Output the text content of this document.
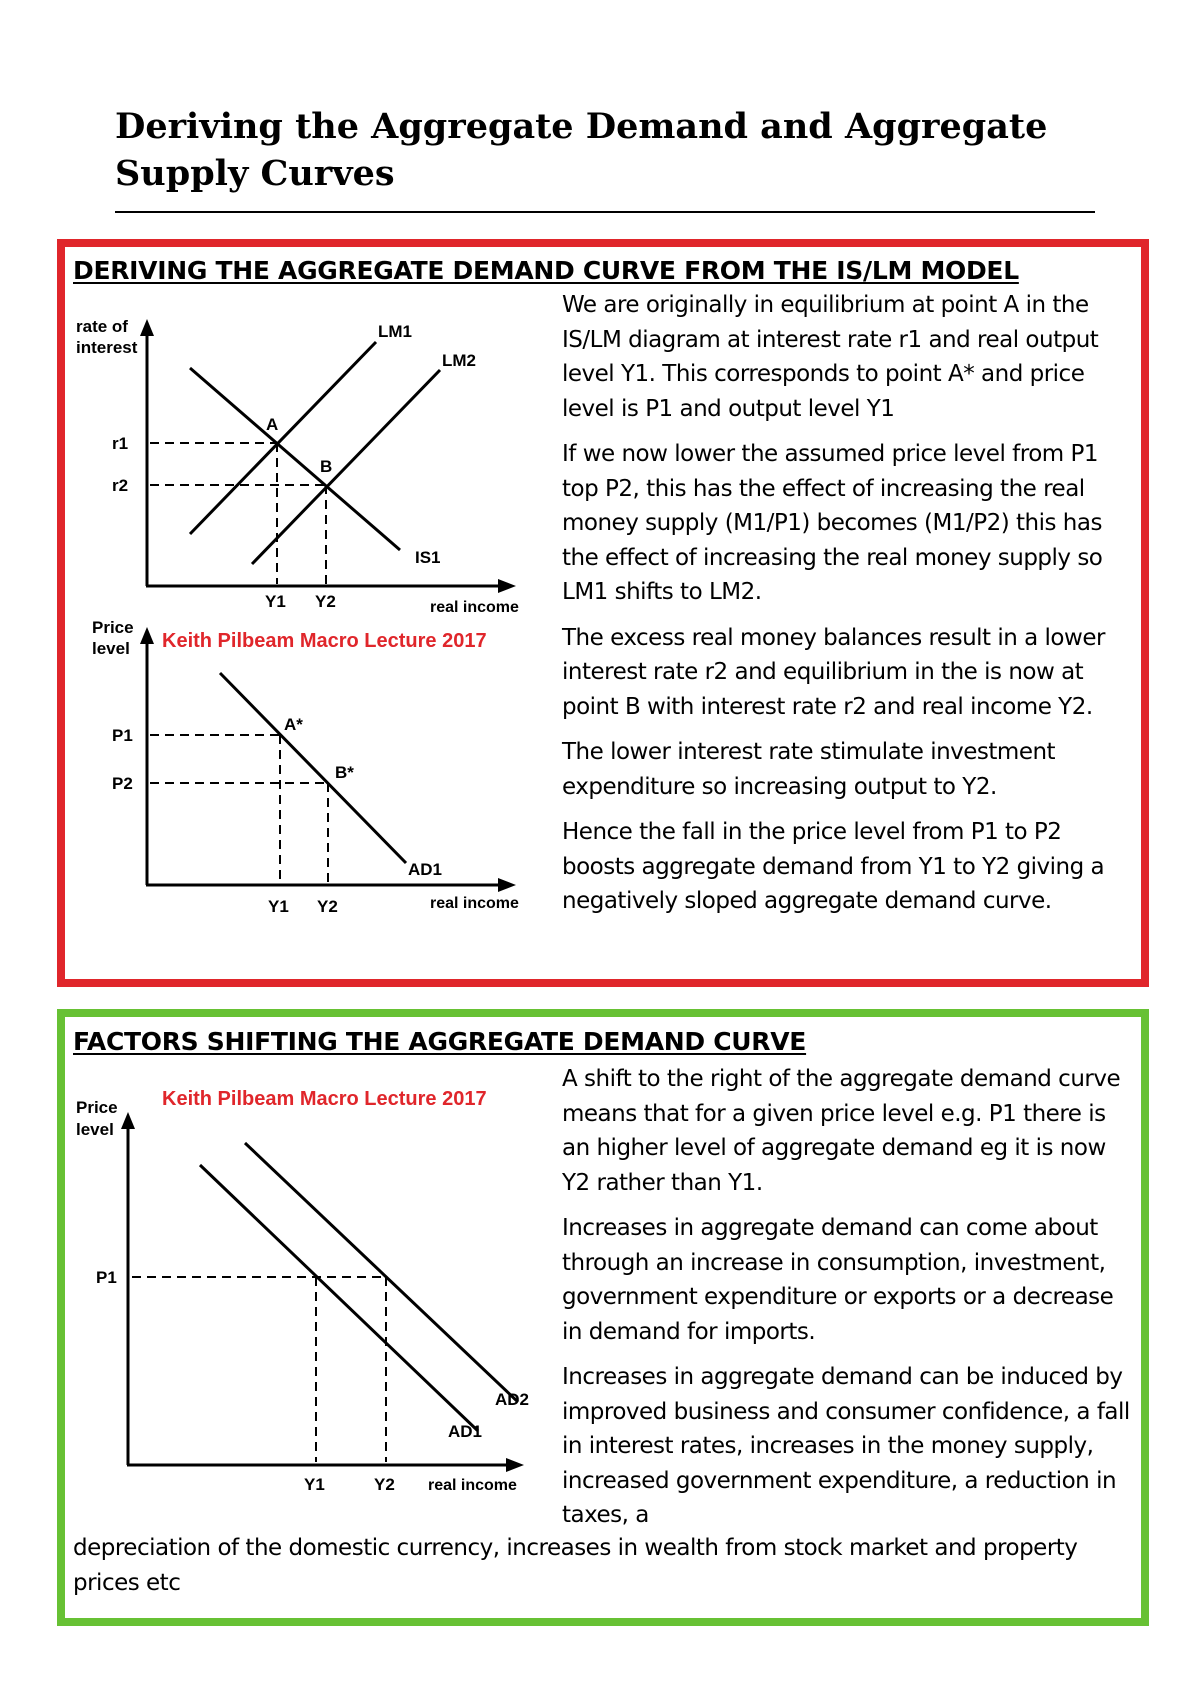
Deriving the Aggregate Demand and Aggregate Supply Curves
DERIVING THE AGGREGATE DEMAND CURVE FROM THE IS/LM MODEL
rate of
interest
LM1
LM2
IS1
A
B
r1
r2
Y1 Y2	real income
Price
level Keith Pilbeam Macro Lecture 2017
A*
B*
AD1
P1
P2
Y1 Y2	real income

We are originally in equilibrium at point A in the IS/LM diagram at interest rate r1 and real output level Y1. This corresponds to point A* and price level is P1 and output level Y1

If we now lower the assumed price level from P1 top P2, this has the effect of increasing the real money supply (M1/P1) becomes (M1/P2) this has the effect of increasing the real money supply so LM1 shifts to LM2.

The excess real money balances result in a lower interest rate r2 and equilibrium in the is now at point B with interest rate r2 and real income Y2.

The lower interest rate stimulate investment expenditure so increasing output to Y2.

Hence the fall in the price level from P1 to P2 boosts aggregate demand from Y1 to Y2 giving a negatively sloped aggregate demand curve.

FACTORS SHIFTING THE AGGREGATE DEMAND CURVE
Price
level
Keith Pilbeam Macro Lecture 2017
AD1
AD2
P1
Y1	Y2 real income

A shift to the right of the aggregate demand curve means that for a given price level e.g. P1 there is an higher level of aggregate demand eg it is now Y2 rather than Y1.

Increases in aggregate demand can come about through an increase in consumption, investment, government expenditure or exports or a decrease in demand for imports.

Increases in aggregate demand can be induced by improved business and consumer confidence, a fall in interest rates, increases in the money supply, increased government expenditure, a reduction in taxes, a

depreciation of the domestic currency, increases in wealth from stock market and property prices etc
